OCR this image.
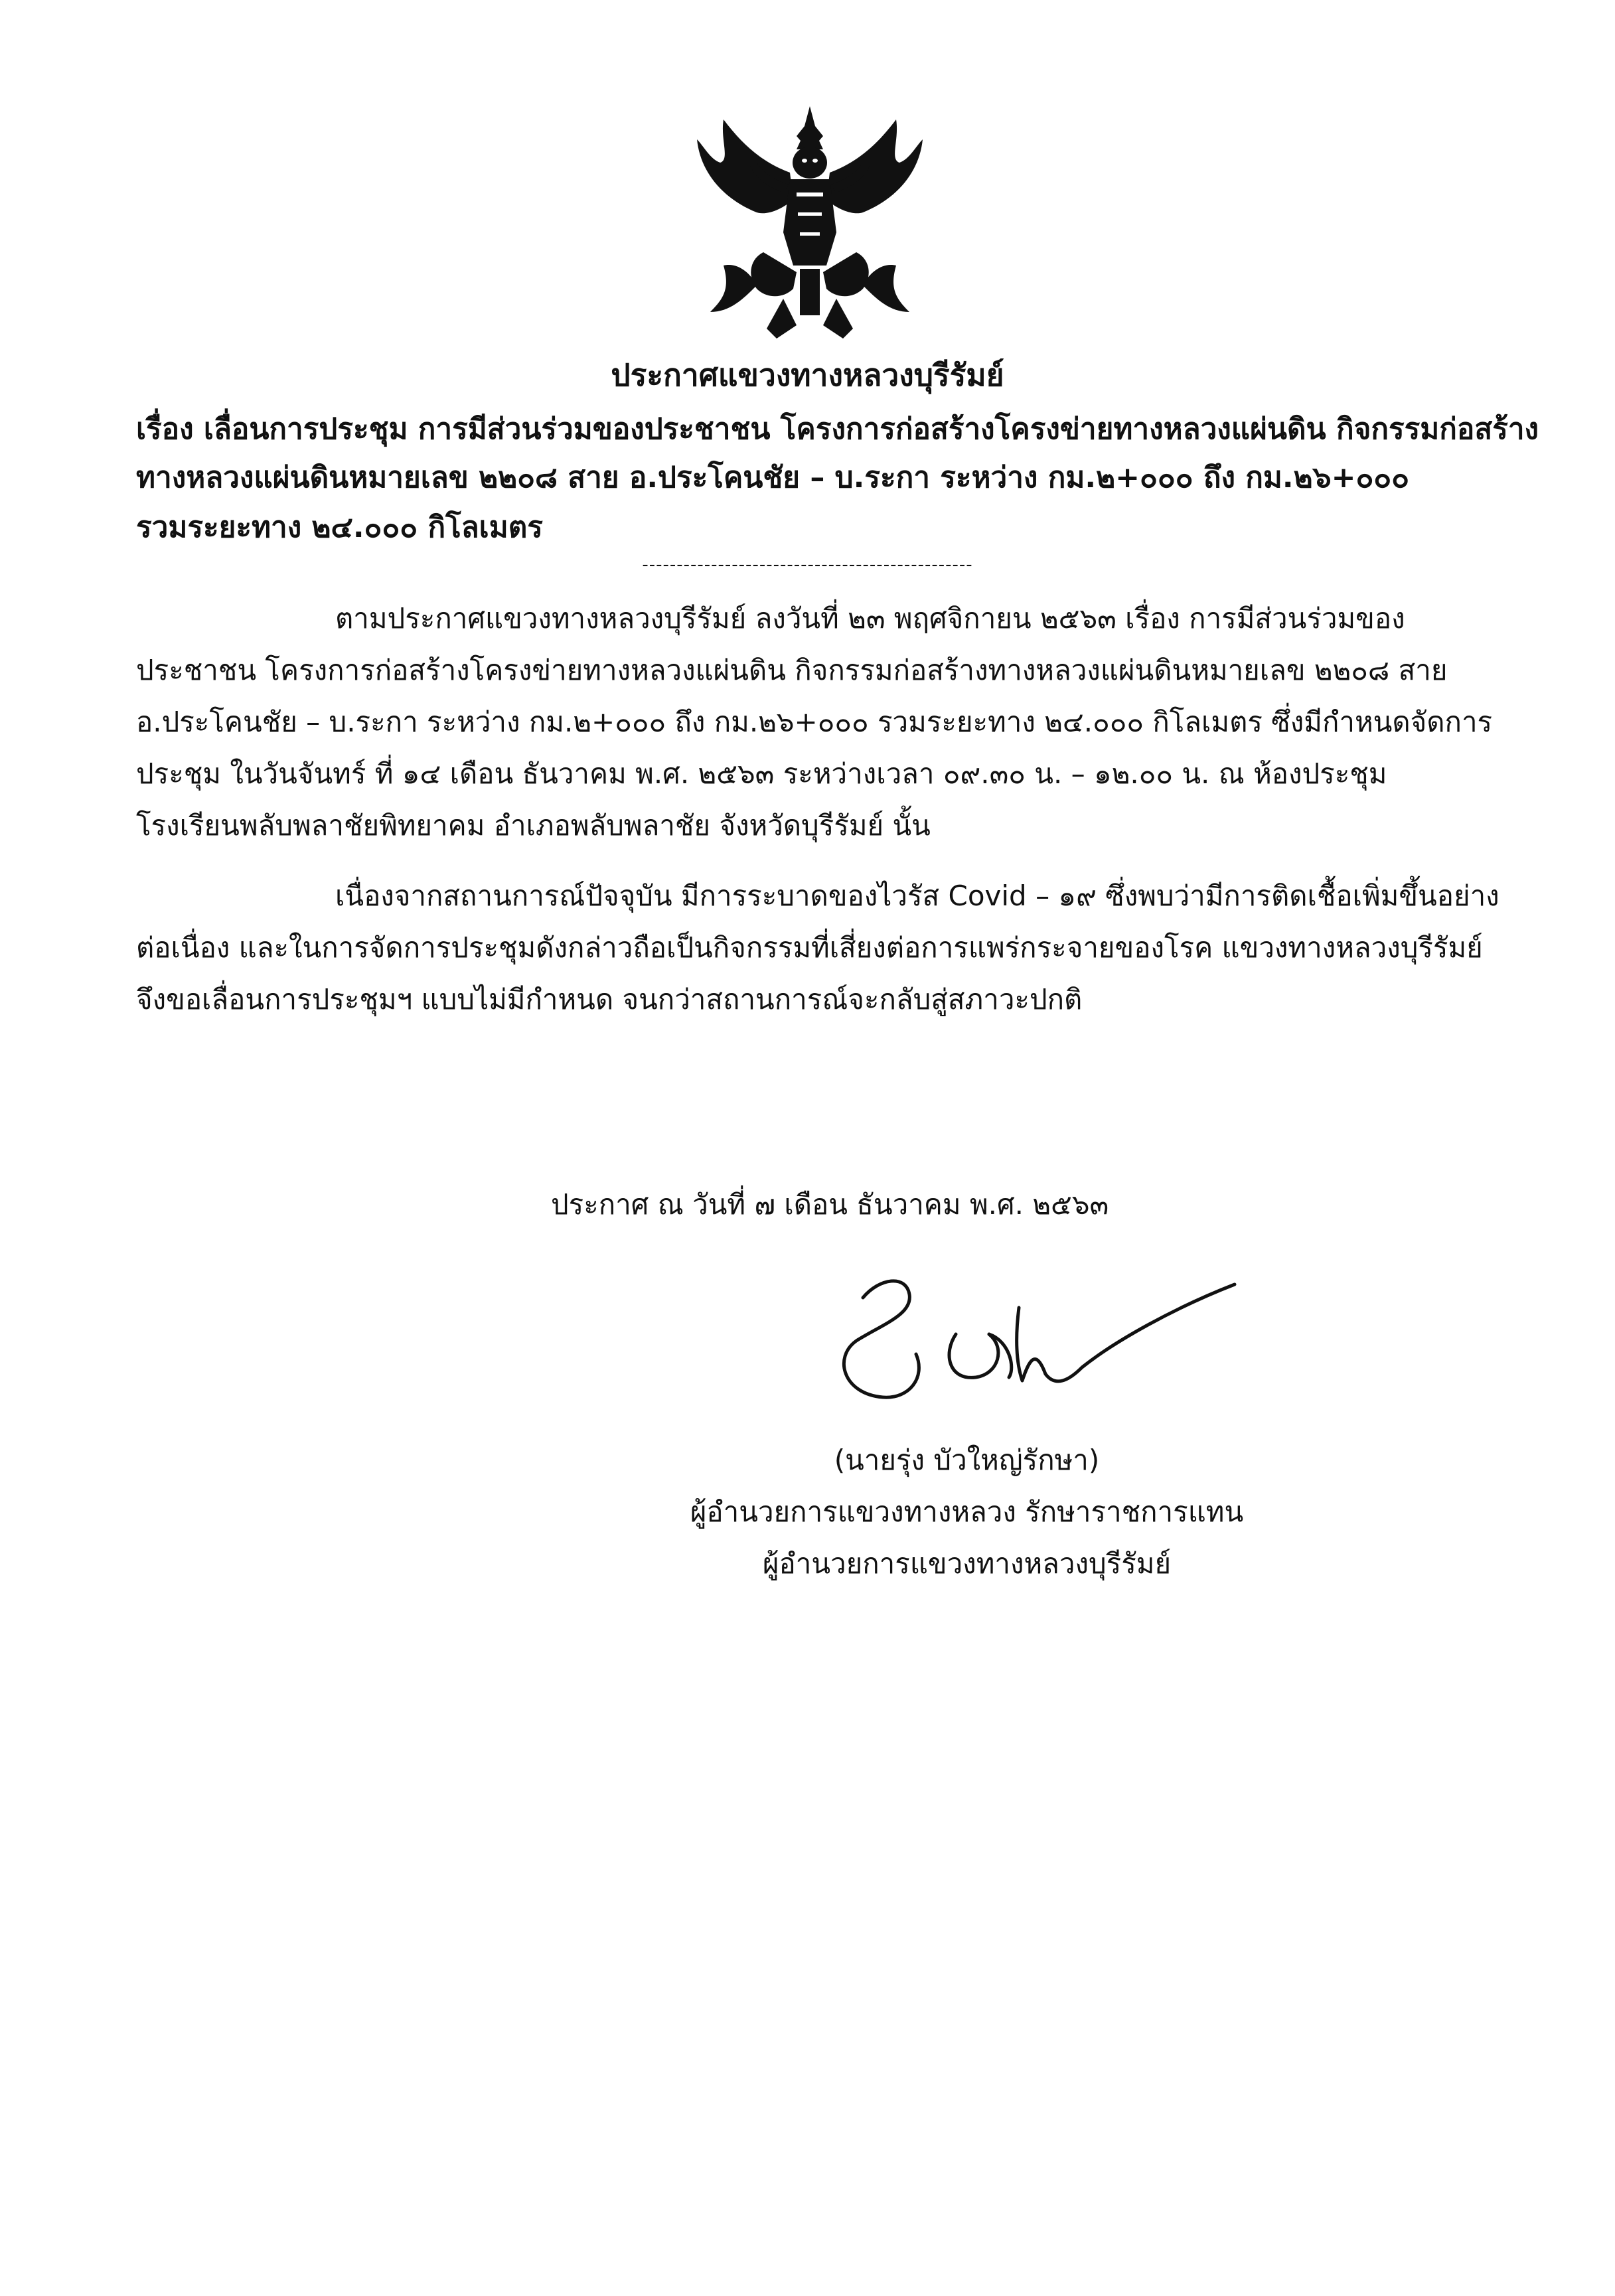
ประกาศแขวงทางหลวงบุรีรัมย์
เรื่อง เลื่อนการประชุม การมีส่วนร่วมของประชาชน โครงการก่อสร้างโครงข่ายทางหลวงแผ่นดิน กิจกรรมก่อสร้าง
ทางหลวงแผ่นดินหมายเลข ๒๒๐๘ สาย อ.ประโคนชัย – บ.ระกา ระหว่าง กม.๒+๐๐๐ ถึง กม.๒๖+๐๐๐
รวมระยะทาง ๒๔.๐๐๐ กิโลเมตร
------------------------------------------------
ตามประกาศแขวงทางหลวงบุรีรัมย์ ลงวันที่ ๒๓ พฤศจิกายน ๒๕๖๓ เรื่อง การมีส่วนร่วมของ
ประชาชน โครงการก่อสร้างโครงข่ายทางหลวงแผ่นดิน กิจกรรมก่อสร้างทางหลวงแผ่นดินหมายเลข ๒๒๐๘ สาย
อ.ประโคนชัย – บ.ระกา ระหว่าง กม.๒+๐๐๐ ถึง กม.๒๖+๐๐๐ รวมระยะทาง ๒๔.๐๐๐ กิโลเมตร ซึ่งมีกำหนดจัดการ
ประชุม ในวันจันทร์ ที่ ๑๔ เดือน ธันวาคม พ.ศ. ๒๕๖๓ ระหว่างเวลา ๐๙.๓๐ น. – ๑๒.๐๐ น. ณ ห้องประชุม
โรงเรียนพลับพลาชัยพิทยาคม อำเภอพลับพลาชัย จังหวัดบุรีรัมย์ นั้น
เนื่องจากสถานการณ์ปัจจุบัน มีการระบาดของไวรัส Covid – ๑๙ ซึ่งพบว่ามีการติดเชื้อเพิ่มขึ้นอย่าง
ต่อเนื่อง และในการจัดการประชุมดังกล่าวถือเป็นกิจกรรมที่เสี่ยงต่อการแพร่กระจายของโรค แขวงทางหลวงบุรีรัมย์
จึงขอเลื่อนการประชุมฯ แบบไม่มีกำหนด จนกว่าสถานการณ์จะกลับสู่สภาวะปกติ
ประกาศ ณ วันที่ ๗ เดือน ธันวาคม พ.ศ. ๒๕๖๓
(นายรุ่ง บัวใหญ่รักษา)
ผู้อำนวยการแขวงทางหลวง รักษาราชการแทน
ผู้อำนวยการแขวงทางหลวงบุรีรัมย์
